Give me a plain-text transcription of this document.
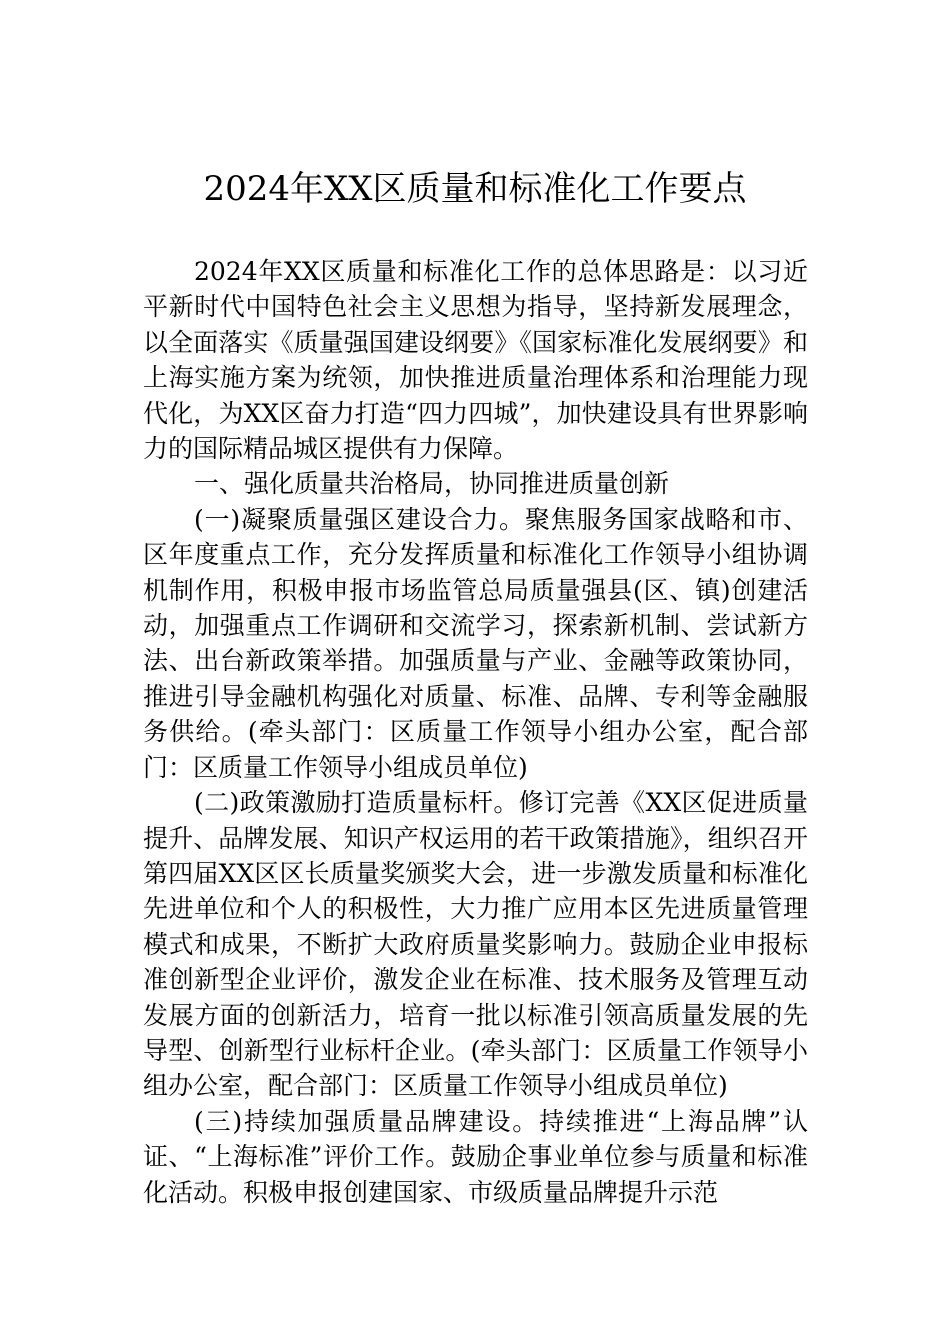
2024年XX区质量和标准化工作要点

2024年XX区质量和标准化工作的总体思路是：以习近平新时代中国特色社会主义思想为指导，坚持新发展理念，以全面落实《质量强国建设纲要》《国家标准化发展纲要》和上海实施方案为统领，加快推进质量治理体系和治理能力现代化，为XX区奋力打造“四力四城”，加快建设具有世界影响力的国际精品城区提供有力保障。

一、强化质量共治格局，协同推进质量创新

(一)凝聚质量强区建设合力。聚焦服务国家战略和市、区年度重点工作，充分发挥质量和标准化工作领导小组协调机制作用，积极申报市场监管总局质量强县(区、镇)创建活动，加强重点工作调研和交流学习，探索新机制、尝试新方法、出台新政策举措。加强质量与产业、金融等政策协同，推进引导金融机构强化对质量、标准、品牌、专利等金融服务供给。(牵头部门：区质量工作领导小组办公室，配合部门：区质量工作领导小组成员单位)

(二)政策激励打造质量标杆。修订完善《XX区促进质量提升、品牌发展、知识产权运用的若干政策措施》，组织召开第四届XX区区长质量奖颁奖大会，进一步激发质量和标准化先进单位和个人的积极性，大力推广应用本区先进质量管理模式和成果，不断扩大政府质量奖影响力。鼓励企业申报标准创新型企业评价，激发企业在标准、技术服务及管理互动发展方面的创新活力，培育一批以标准引领高质量发展的先导型、创新型行业标杆企业。(牵头部门：区质量工作领导小组办公室，配合部门：区质量工作领导小组成员单位)

(三)持续加强质量品牌建设。持续推进“上海品牌”认证、“上海标准”评价工作。鼓励企事业单位参与质量和标准化活动。积极申报创建国家、市级质量品牌提升示范
